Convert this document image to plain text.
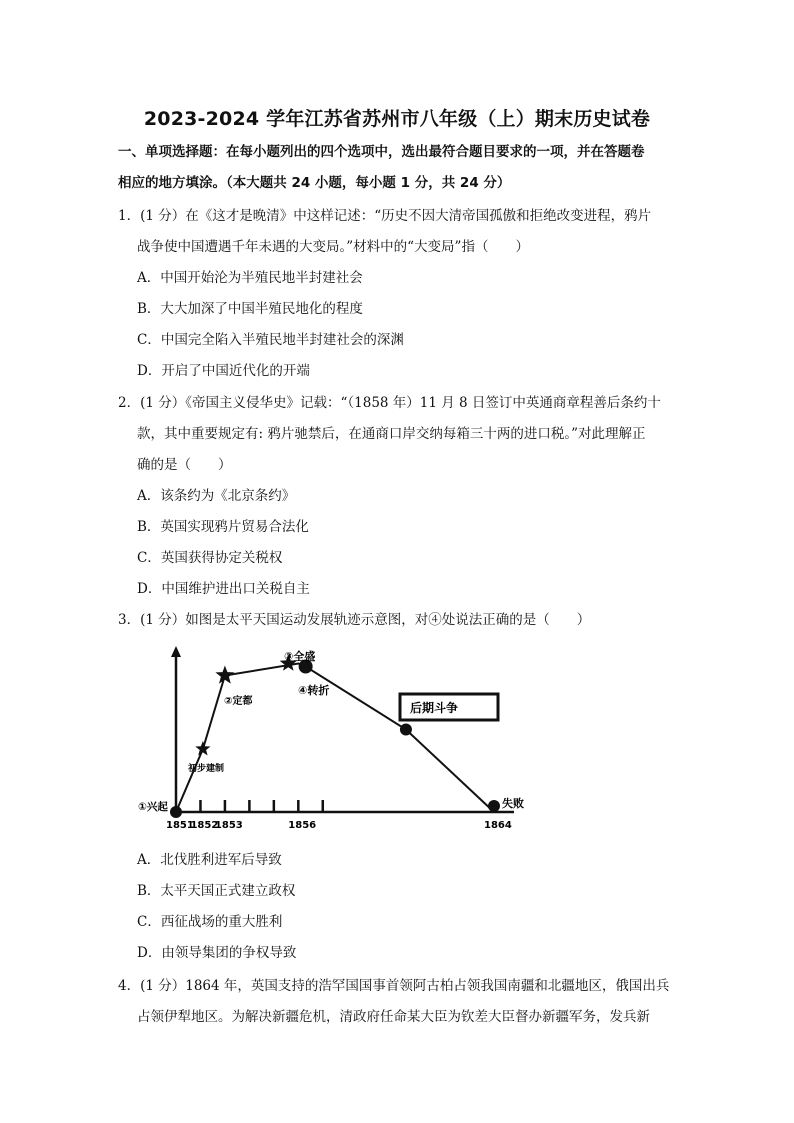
2023-2024 学年江苏省苏州市八年级（上）期末历史试卷
一、单项选择题：在每小题列出的四个选项中，选出最符合题目要求的一项，并在答题卷
相应的地方填涂。（本大题共 24 小题，每小题 1 分，共 24 分）
1．(1 分）在《这才是晚清》中这样记述：“历史不因大清帝国孤傲和拒绝改变进程，鸦片
战争使中国遭遇千年未遇的大变局。”材料中的“大变局”指（　　）
A．中国开始沦为半殖民地半封建社会
B．大大加深了中国半殖民地化的程度
C．中国完全陷入半殖民地半封建社会的深渊
D．开启了中国近代化的开端
2．(1 分）《帝国主义侵华史》记载：“（1858 年）11 月 8 日签订中英通商章程善后条约十
款，其中重要规定有: 鸦片驰禁后，在通商口岸交纳每箱三十两的进口税。”对此理解正
确的是（　　）
A．该条约为《北京条约》
B．英国实现鸦片贸易合法化
C．英国获得协定关税权
D．中国维护进出口关税自主
3．(1 分）如图是太平天国运动发展轨迹示意图，对④处说法正确的是（　　）
1851
1852
1853	1856	1864
后期斗争
①兴起
初步建制
②定都
③全盛
④转折
失败
A．北伐胜利进军后导致
B．太平天国正式建立政权
C．西征战场的重大胜利
D．由领导集团的争权导致
4．(1 分）1864 年，英国支持的浩罕国国事首领阿古柏占领我国南疆和北疆地区，俄国出兵
占领伊犁地区。为解决新疆危机，清政府任命某大臣为钦差大臣督办新疆军务，发兵新
